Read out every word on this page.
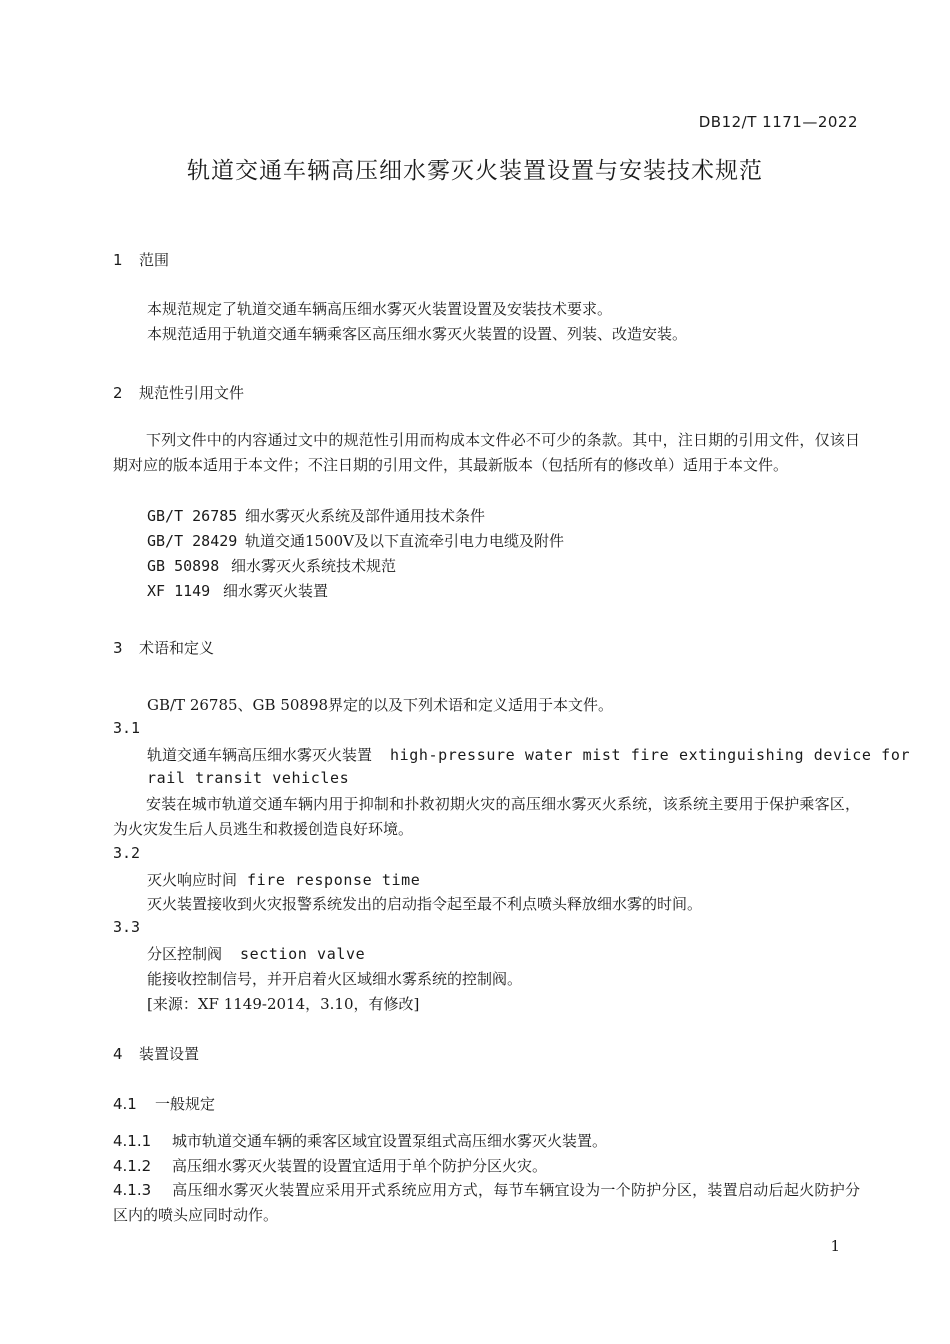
DB12/T 1171—2022
轨道交通车辆高压细水雾灭火装置设置与安装技术规范
1 范围
本规范规定了轨道交通车辆高压细水雾灭火装置设置及安装技术要求。
本规范适用于轨道交通车辆乘客区高压细水雾灭火装置的设置、列装、改造安装。
2 规范性引用文件
下列文件中的内容通过文中的规范性引用而构成本文件必不可少的条款。其中，注日期的引用文件，仅该日期对应的版本适用于本文件；不注日期的引用文件，其最新版本（包括所有的修改单）适用于本文件。
GB/T 26785 细水雾灭火系统及部件通用技术条件
GB/T 28429 轨道交通1500V及以下直流牵引电力电缆及附件
GB 50898 细水雾灭火系统技术规范
XF 1149 细水雾灭火装置
3 术语和定义
GB/T 26785、GB 50898界定的以及下列术语和定义适用于本文件。
3.1
轨道交通车辆高压细水雾灭火装置 high-pressure water mist fire extinguishing device for
rail transit vehicles
安装在城市轨道交通车辆内用于抑制和扑救初期火灾的高压细水雾灭火系统，该系统主要用于保护乘客区，为火灾发生后人员逃生和救援创造良好环境。
3.2
灭火响应时间 fire response time
灭火装置接收到火灾报警系统发出的启动指令起至最不利点喷头释放细水雾的时间。
3.3
分区控制阀 section valve
能接收控制信号，并开启着火区域细水雾系统的控制阀。
[来源：XF 1149-2014，3.10，有修改]
4 装置设置
4.1 一般规定
4.1.1 城市轨道交通车辆的乘客区域宜设置泵组式高压细水雾灭火装置。
4.1.2 高压细水雾灭火装置的设置宜适用于单个防护分区火灾。
4.1.3 高压细水雾灭火装置应采用开式系统应用方式，每节车辆宜设为一个防护分区，装置启动后起火防护分区内的喷头应同时动作。
1
